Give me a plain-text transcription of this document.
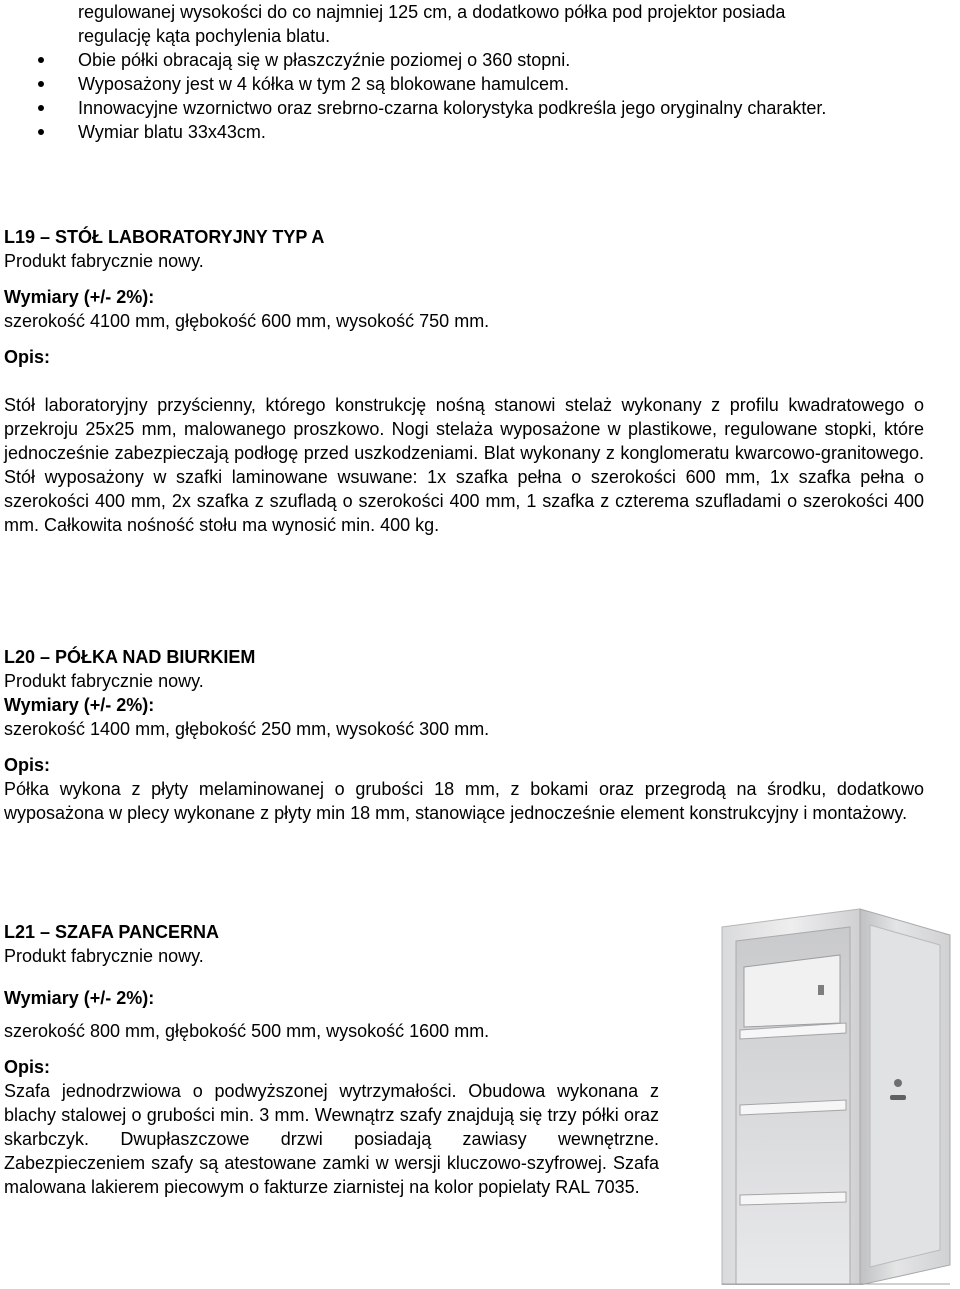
regulowanej wysokości do co najmniej 125 cm, a dodatkowo półka pod projektor posiada

regulację kąta pochylenia blatu.

Obie półki obracają się w płaszczyźnie poziomej o 360 stopni.
Wyposażony jest w 4 kółka w tym 2 są blokowane hamulcem.
Innowacyjne wzornictwo oraz srebrno-czarna kolorystyka podkreśla jego oryginalny charakter.
Wymiar blatu 33x43cm.

L19 – STÓŁ LABORATORYJNY TYP A

Produkt fabrycznie nowy.

Wymiary (+/- 2%):

szerokość 4100 mm, głębokość 600 mm, wysokość 750 mm.

Opis:

Stół laboratoryjny przyścienny, którego konstrukcję nośną stanowi stelaż wykonany z profilu kwadratowego o przekroju 25x25 mm, malowanego proszkowo. Nogi stelaża wyposażone w plastikowe, regulowane stopki, które jednocześnie zabezpieczają podłogę przed uszkodzeniami. Blat wykonany z konglomeratu kwarcowo-granitowego. Stół wyposażony w szafki laminowane wsuwane: 1x szafka pełna o szerokości 600 mm, 1x szafka pełna o szerokości 400 mm, 2x szafka z szufladą o szerokości 400 mm, 1 szafka z czterema szufladami o szerokości 400 mm. Całkowita nośność stołu ma wynosić min. 400 kg.

L20 – PÓŁKA NAD BIURKIEM

Produkt fabrycznie nowy.

Wymiary (+/- 2%):

szerokość 1400 mm, głębokość 250 mm, wysokość 300 mm.

Opis:

Półka wykona z płyty melaminowanej o grubości 18 mm, z bokami oraz przegrodą na środku, dodatkowo wyposażona w plecy wykonane z płyty min 18 mm, stanowiące jednocześnie element konstrukcyjny i montażowy.

L21 – SZAFA PANCERNA

Produkt fabrycznie nowy.

Wymiary (+/- 2%):

szerokość 800 mm, głębokość 500 mm, wysokość 1600 mm.

Opis:

Szafa jednodrzwiowa o podwyższonej wytrzymałości. Obudowa wykonana z blachy stalowej o grubości min. 3 mm. Wewnątrz szafy znajdują się trzy półki oraz skarbczyk. Dwupłaszczowe drzwi posiadają zawiasy wewnętrzne. Zabezpieczeniem szafy są atestowane zamki w wersji kluczowo-szyfrowej. Szafa malowana lakierem piecowym o fakturze ziarnistej na kolor popielaty RAL 7035.
